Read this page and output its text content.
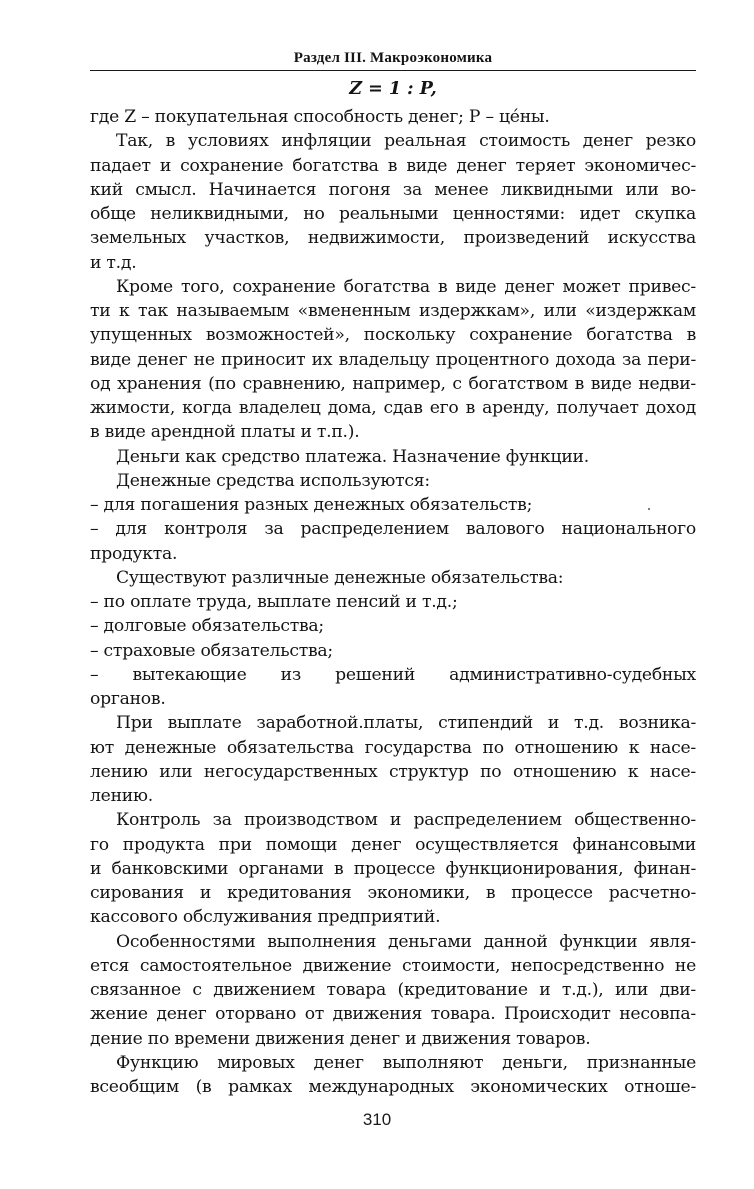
Раздел III. Макроэкономика
Z = 1 : P,
где Z – покупательная способность денег; P – це́ны.
Так, в условиях инфляции реальная стоимость денег резко
падает и сохранение богатства в виде денег теряет экономичес-
кий смысл. Начинается погоня за менее ликвидными или во-
обще неликвидными, но реальными ценностями: идет скупка
земельных участков, недвижимости, произведений искусства
и т.д.
Кроме того, сохранение богатства в виде денег может привес-
ти к так называемым «вмененным издержкам», или «издержкам
упущенных возможностей», поскольку сохранение богатства в
виде денег не приносит их владельцу процентного дохода за пери-
од хранения (по сравнению, например, с богатством в виде недви-
жимости, когда владелец дома, сдав его в аренду, получает доход
в виде арендной платы и т.п.).
Деньги как средство платежа. Назначение функции.
Денежные средства используются:
– для погашения разных денежных обязательств;
– для контроля за распределением валового национального
продукта.
Существуют различные денежные обязательства:
– по оплате труда, выплате пенсий и т.д.;
– долговые обязательства;
– страховые обязательства;
– вытекающие из решений административно-судебных
органов.
При выплате заработной.платы, стипендий и т.д. возника-
ют денежные обязательства государства по отношению к насе-
лению или негосударственных структур по отношению к насе-
лению.
Контроль за производством и распределением общественно-
го продукта при помощи денег осуществляется финансовыми
и банковскими органами в процессе функционирования, финан-
сирования и кредитования экономики, в процессе расчетно-
кассового обслуживания предприятий.
Особенностями выполнения деньгами данной функции явля-
ется самостоятельное движение стоимости, непосредственно не
связанное с движением товара (кредитование и т.д.), или дви-
жение денег оторвано от движения товара. Происходит несовпа-
дение по времени движения денег и движения товаров.
Функцию мировых денег выполняют деньги, признанные
всеобщим (в рамках международных экономических отноше-
310
